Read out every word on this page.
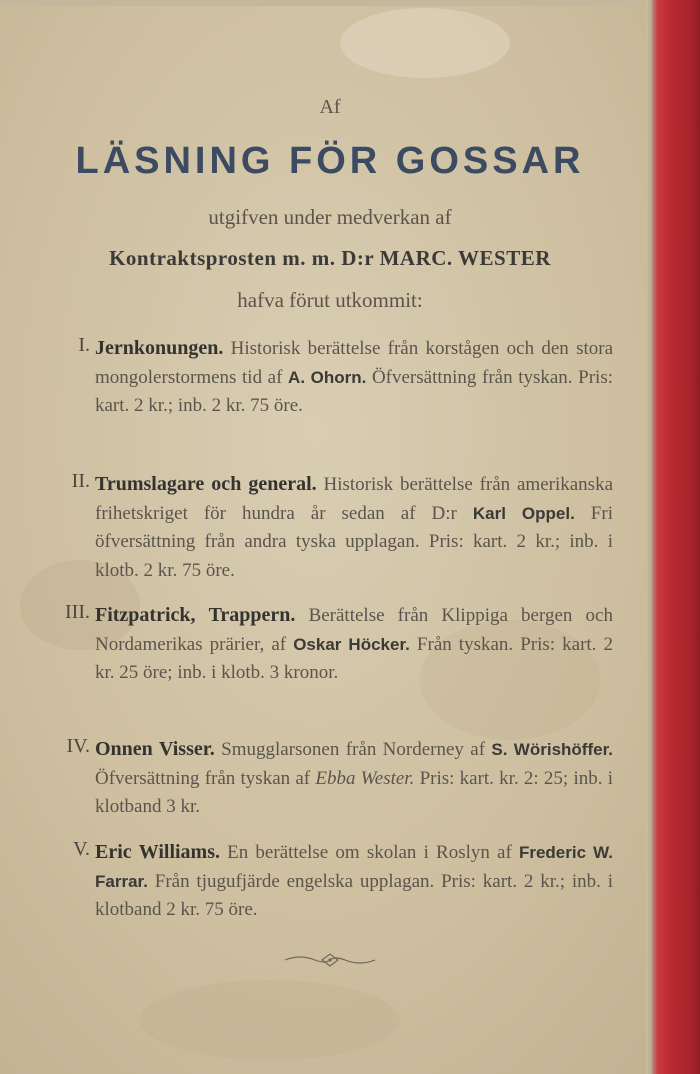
Af
LÄSNING FÖR GOSSAR
utgifven under medverkan af
Kontraktsprosten m. m. D:r MARC. WESTER
hafva förut utkommit:
I. Jernkonungen. Historisk berättelse från korstågen och den stora mongolerstormens tid af A. Ohorn. Öfversättning från tyskan. Pris: kart. 2 kr.; inb. 2 kr. 75 öre.
II. Trumslagare och general. Historisk berättelse från amerikanska frihetskriget för hundra år sedan af D:r Karl Oppel. Fri öfversättning från andra tyska upplagan. Pris: kart. 2 kr.; inb. i klotb. 2 kr. 75 öre.
III. Fitzpatrick, Trappern. Berättelse från Klippiga bergen och Nordamerikas prärier, af Oskar Höcker. Från tyskan. Pris: kart. 2 kr. 25 öre; inb. i klotb. 3 kronor.
IV. Onnen Visser. Smugglarsonen från Norderney af S. Wörishöffer. Öfversättning från tyskan af Ebba Wester. Pris: kart. kr. 2: 25; inb. i klotband 3 kr.
V. Eric Williams. En berättelse om skolan i Roslyn af Frederic W. Farrar. Från tjugufjärde engelska upplagan. Pris: kart. 2 kr.; inb. i klotband 2 kr. 75 öre.
